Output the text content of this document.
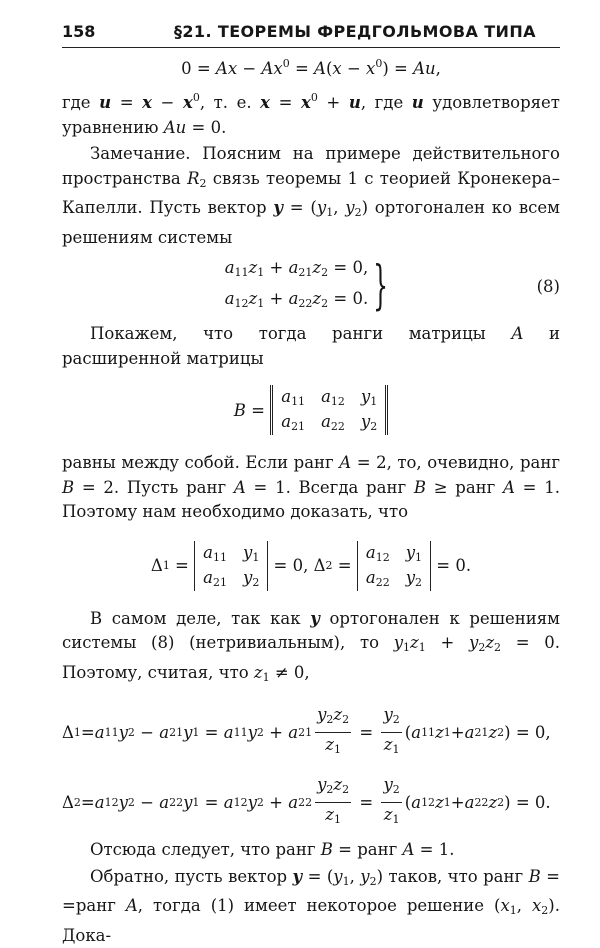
158	§21. ТЕОРЕМЫ ФРЕДГОЛЬМОВА ТИПА
$0 = Ax - Ax^0 = A(x - x^0) = Au$,

где $u = x - x^0$, т. е. $x = x^0 + u$, где u удовлетворяет уравнению Au = 0.

Замечание. Поясним на примере действительного пространства $R_2$ связь теоремы 1 с теорией Кронекера–Капелли. Пусть вектор $y = (y_1$, $y_2$) ортогонален ко всем решениям системы

$a_{11}z_1 + a_{21}z_2 = 0$,
$a_{12}z_1 + a_{22}z_2 = 0$. }	(8)

Покажем, что тогда ранги матрицы A и расширенной матрицы

B =
$a_{11}$ $a_{12}$ $y_1$
$a_{21}$ $a_{22}$ $y_2$

равны между собой. Если ранг A = 2, то, очевидно, ранг B = 2. Пусть ранг A = 1. Всегда ранг B ≥ ранг A = 1. Поэтому нам необходимо доказать, что

Δ 1 =
$a_{11}$ $y_1$
$a_{21}$ $y_2$
= 0, Δ 2 =
$a_{12}$ $y_1$
$a_{22}$ $y_2$
= 0.

В самом деле, так как y ортогонален к решениям системы (8) (нетривиальным), то $y_1z_1 + y_2z_2 = 0$. Поэтому, считая, что $z_1 \ne 0$,

Δ 1 = a 11 y 2 − a 21 y 1 = a 11 y 2 + a $21 \frac{y_2z_2}{z_1} = \frac{y_2}{z_1}$ ( a 11 z 1 + a 21 z 2 ) = 0,
Δ 2 = a 12 y 2 − a 22 y 1 = a 12 y 2 + a $22 \frac{y_2z_2}{z_1} = \frac{y_2}{z_1}$ ( a 12 z 1 + a 22 z 2 ) = 0.

Отсюда следует, что ранг B = ранг A = 1.

Обратно, пусть вектор $y = (y_1$, $y_2$) таков, что ранг B = =ранг A, тогда (1) имеет некоторое решение ($x_1$, $x_2$). Дока-
